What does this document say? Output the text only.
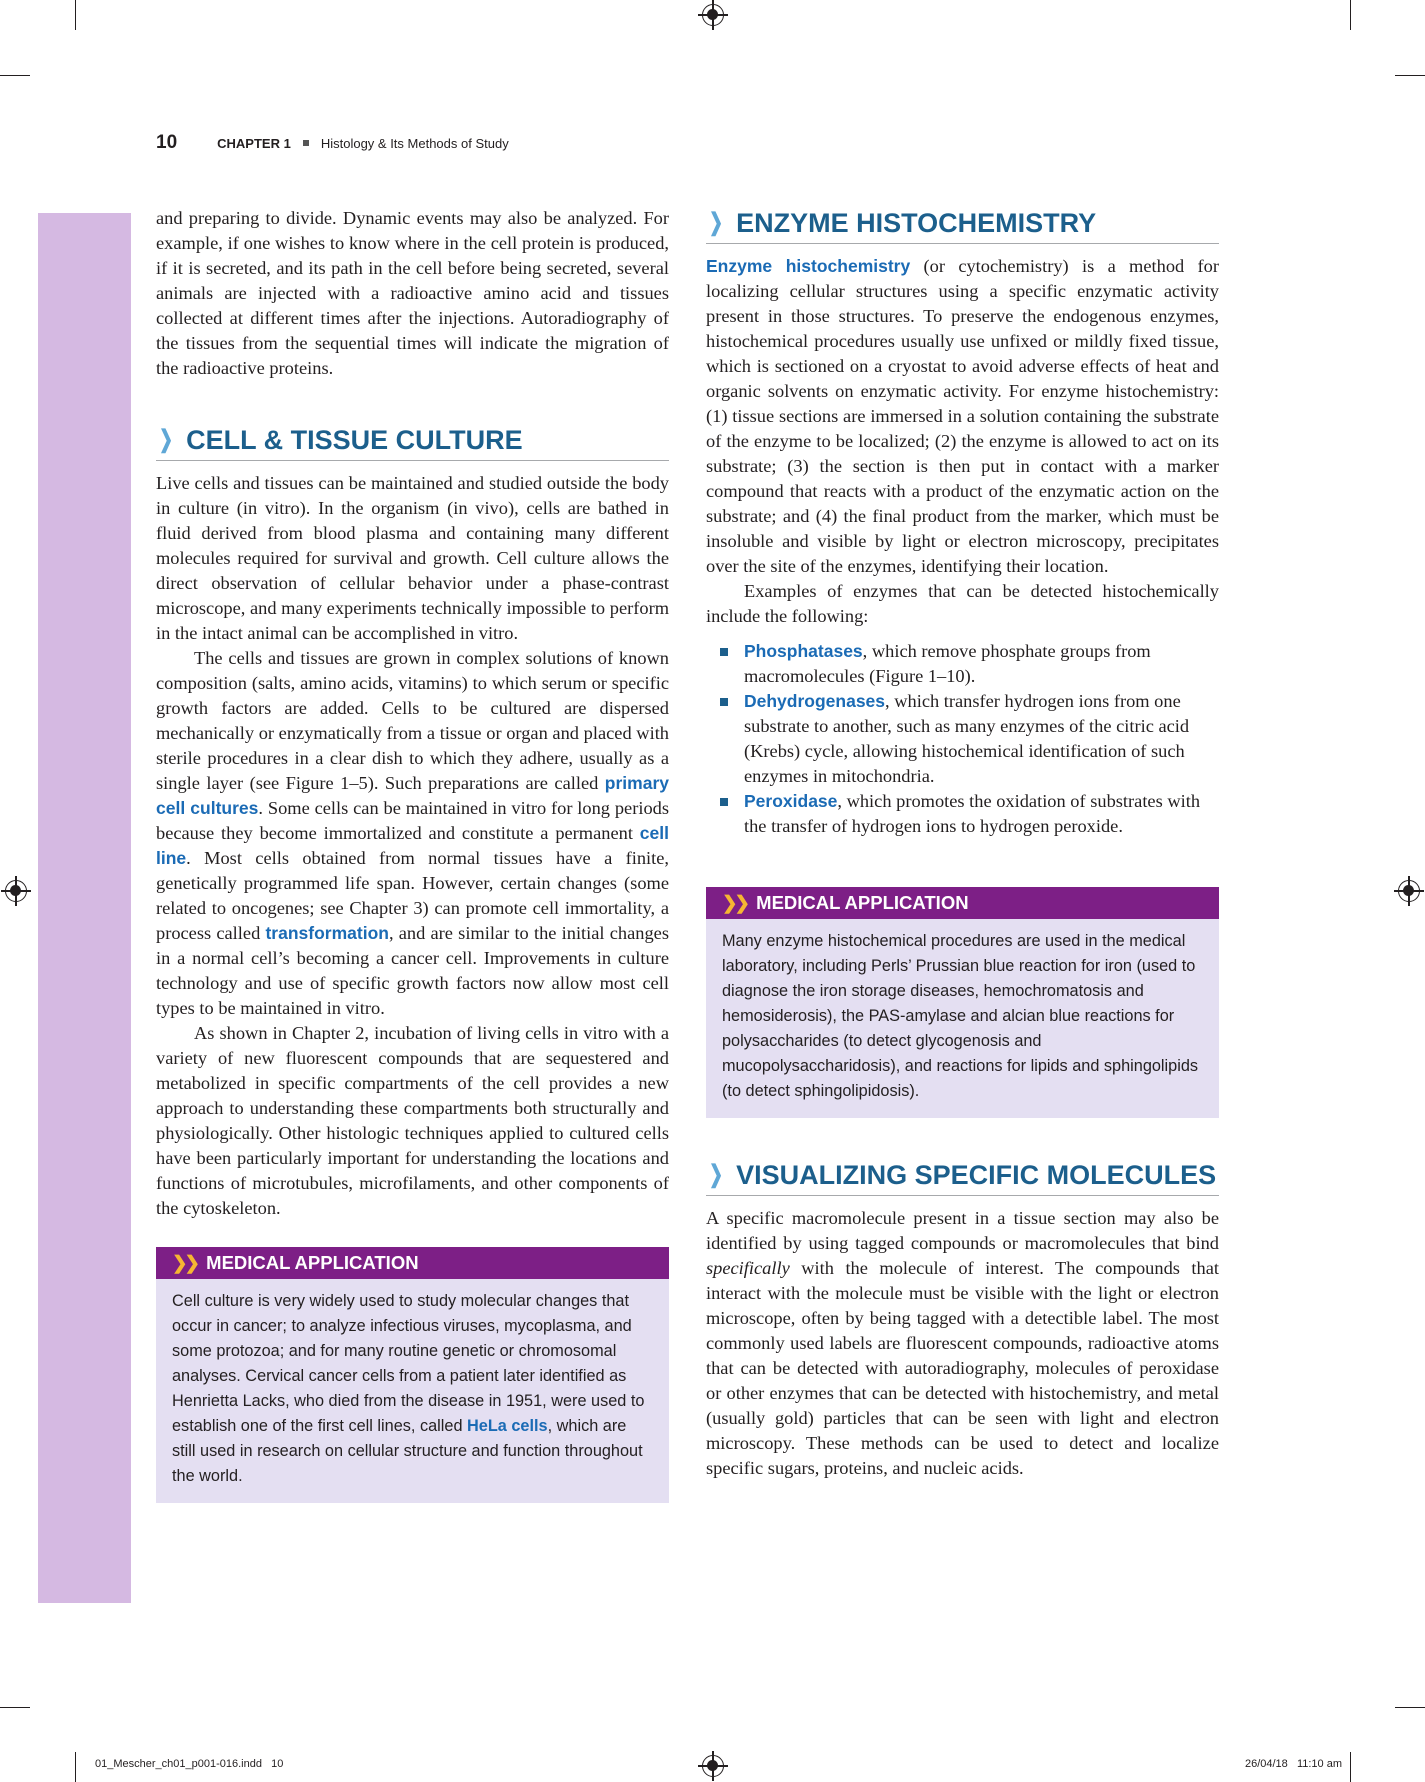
10	CHAPTER 1 Histology & Its Methods of Study

and preparing to divide. Dynamic events may also be analyzed. For example, if one wishes to know where in the cell protein is produced, if it is secreted, and its path in the cell before being secreted, several animals are injected with a radioactive amino acid and tissues collected at different times after the injections. Autoradiography of the tissues from the sequential times will indicate the migration of the radioactive proteins.

❯ CELL & TISSUE CULTURE

Live cells and tissues can be maintained and studied outside the body in culture (in vitro). In the organism (in vivo), cells are bathed in fluid derived from blood plasma and containing many different molecules required for survival and growth. Cell culture allows the direct observation of cellular behavior under a phase-contrast microscope, and many experiments technically impossible to perform in the intact animal can be accomplished in vitro.

The cells and tissues are grown in complex solutions of known composition (salts, amino acids, vitamins) to which serum or specific growth factors are added. Cells to be cultured are dispersed mechanically or enzymatically from a tissue or organ and placed with sterile procedures in a clear dish to which they adhere, usually as a single layer (see Figure 1–5). Such preparations are called primary cell cultures. Some cells can be maintained in vitro for long periods because they become immortalized and constitute a permanent cell line. Most cells obtained from normal tissues have a finite, genetically programmed life span. However, certain changes (some related to oncogenes; see Chapter 3) can promote cell immortality, a process called transformation, and are similar to the initial changes in a normal cell’s becoming a cancer cell. Improvements in culture technology and use of specific growth factors now allow most cell types to be maintained in vitro.

As shown in Chapter 2, incubation of living cells in vitro with a variety of new fluorescent compounds that are sequestered and metabolized in specific compartments of the cell provides a new approach to understanding these compartments both structurally and physiologically. Other histologic techniques applied to cultured cells have been particularly important for understanding the locations and functions of microtubules, microfilaments, and other components of the cytoskeleton.

❯❯ MEDICAL APPLICATION
Cell culture is very widely used to study molecular changes that occur in cancer; to analyze infectious viruses, mycoplasma, and some protozoa; and for many routine genetic or chromosomal analyses. Cervical cancer cells from a patient later identified as Henrietta Lacks, who died from the disease in 1951, were used to establish one of the first cell lines, called HeLa cells, which are still used in research on cellular structure and function throughout the world.
❯ ENZYME HISTOCHEMISTRY

Enzyme histochemistry (or cytochemistry) is a method for localizing cellular structures using a specific enzymatic activity present in those structures. To preserve the endogenous enzymes, histochemical procedures usually use unfixed or mildly fixed tissue, which is sectioned on a cryostat to avoid adverse effects of heat and organic solvents on enzymatic activity. For enzyme histochemistry: (1) tissue sections are immersed in a solution containing the substrate of the enzyme to be localized; (2) the enzyme is allowed to act on its substrate; (3) the section is then put in contact with a marker compound that reacts with a product of the enzymatic action on the substrate; and (4) the final product from the marker, which must be insoluble and visible by light or electron microscopy, precipitates over the site of the enzymes, identifying their location.

Examples of enzymes that can be detected histochemically include the following:

Phosphatases, which remove phosphate groups from macromolecules (Figure 1–10).
Dehydrogenases, which transfer hydrogen ions from one substrate to another, such as many enzymes of the citric acid (Krebs) cycle, allowing histochemical identification of such enzymes in mitochondria.
Peroxidase, which promotes the oxidation of substrates with the transfer of hydrogen ions to hydrogen peroxide.
❯❯ MEDICAL APPLICATION
Many enzyme histochemical procedures are used in the medical laboratory, including Perls’ Prussian blue reaction for iron (used to diagnose the iron storage diseases, hemochromatosis and hemosiderosis), the PAS-amylase and alcian blue reactions for polysaccharides (to detect glycogenosis and mucopolysaccharidosis), and reactions for lipids and sphingolipids (to detect sphingolipidosis).
❯ VISUALIZING SPECIFIC MOLECULES

A specific macromolecule present in a tissue section may also be identified by using tagged compounds or macromolecules that bind specifically with the molecule of interest. The compounds that interact with the molecule must be visible with the light or electron microscope, often by being tagged with a detectible label. The most commonly used labels are fluorescent compounds, radioactive atoms that can be detected with autoradiography, molecules of peroxidase or other enzymes that can be detected with histochemistry, and metal (usually gold) particles that can be seen with light and electron microscopy. These methods can be used to detect and localize specific sugars, proteins, and nucleic acids.

01_Mescher_ch01_p001-016.indd   10	26/04/18   11:10 am
